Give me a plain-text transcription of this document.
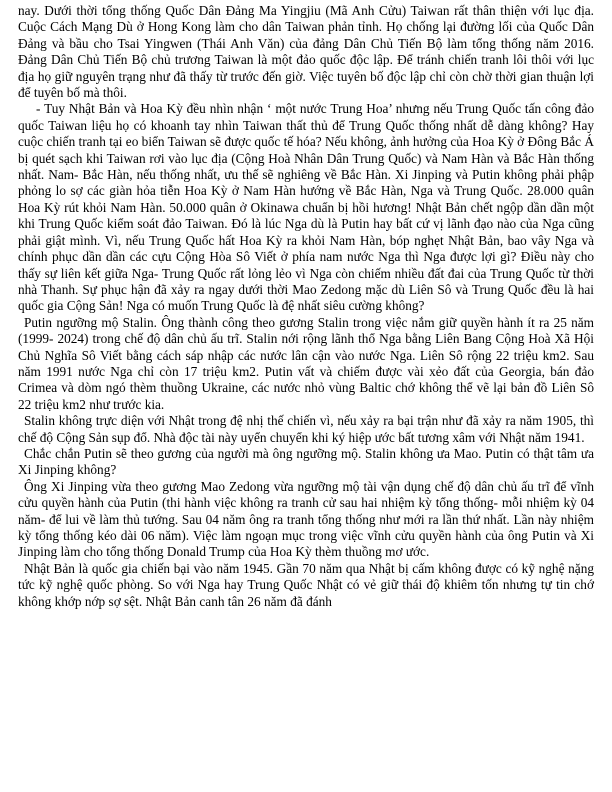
nay. Dưới thời tổng thống Quốc Dân Đảng Ma Yingjiu (Mã Anh Cửu) Taiwan rất thân thiện với lục địa. Cuộc Cách Mạng Dù ở Hong Kong làm cho dân Taiwan phản tỉnh. Họ chống lại đường lối của Quốc Dân Đảng và bầu cho Tsai Yingwen (Thái Anh Văn) của đảng Dân Chủ Tiến Bộ làm tổng thống năm 2016. Đảng Dân Chủ Tiến Bộ chủ trương Taiwan là một đảo quốc độc lập. Để tránh chiến tranh lôi thôi với lục địa họ giữ nguyên trạng như đã thấy từ trước đến giờ. Việc tuyên bố độc lập chỉ còn chờ thời gian thuận lợi để tuyên bố mà thôi.

- Tuy Nhật Bản và Hoa Kỳ đều nhìn nhận ‘ một nước Trung Hoa’ nhưng nếu Trung Quốc tấn công đảo quốc Taiwan liệu họ có khoanh tay nhìn Taiwan thất thủ để Trung Quốc thống nhất dễ dàng không? Hay cuộc chiến tranh tại eo biển Taiwan sẽ được quốc tế hóa? Nếu không, ảnh hưởng của Hoa Kỳ ở Đông Bắc Á bị quét sạch khi Taiwan rơi vào lục địa (Cộng Hoà Nhân Dân Trung Quốc) và Nam Hàn và Bắc Hàn thống nhất. Nam- Bắc Hàn, nếu thống nhất, ưu thế sẽ nghiêng về Bắc Hàn. Xi Jinping và Putin không phải phập phỏng lo sợ các giàn hỏa tiễn Hoa Kỳ ở Nam Hàn hướng về Bắc Hàn, Nga và Trung Quốc. 28.000 quân Hoa Kỳ rút khỏi Nam Hàn. 50.000 quân ở Okinawa chuẩn bị hồi hương! Nhật Bản chết ngộp dần dần một khi Trung Quốc kiểm soát đảo Taiwan. Đó là lúc Nga dù là Putin hay bất cứ vị lãnh đạo nào của Nga cũng phải giật mình. Vì, nếu Trung Quốc hất Hoa Kỳ ra khỏi Nam Hàn, bóp nghẹt Nhật Bản, bao vây Nga và chính phục dần dần các cựu Cộng Hòa Sô Viết ở phía nam nước Nga thì Nga được lợi gì? Điều này cho thấy sự liên kết giữa Nga- Trung Quốc rất lỏng lẻo vì Nga còn chiếm nhiều đất đai của Trung Quốc từ thời nhà Thanh. Sự phục hận đã xảy ra ngay dưới thời Mao Zedong mặc dù Liên Sô và Trung Quốc đều là hai quốc gia Cộng Sản! Nga có muốn Trung Quốc là đệ nhất siêu cường không?

Putin ngưỡng mộ Stalin. Ông thành công theo gương Stalin trong việc nắm giữ quyền hành ít ra 25 năm (1999- 2024) trong chế độ dân chủ ấu trĩ. Stalin nới rộng lãnh thổ Nga bằng Liên Bang Cộng Hoà Xã Hội Chủ Nghĩa Sô Viết bằng cách sáp nhập các nước lân cận vào nước Nga. Liên Sô rộng 22 triệu km2. Sau năm 1991 nước Nga chỉ còn 17 triệu km2. Putin vất và chiếm được vài xẻo đất của Georgia, bán đảo Crimea và dòm ngó thèm thuồng Ukraine, các nước nhỏ vùng Baltic chớ không thể vẽ lại bản đồ Liên Sô 22 triệu km2 như trước kia.

Stalin không trực diện với Nhật trong đệ nhị thế chiến vì, nếu xảy ra bại trận như đã xảy ra năm 1905, thì chế độ Cộng Sản sụp đổ. Nhà độc tài này uyển chuyển khi ký hiệp ước bất tương xâm với Nhật năm 1941.

Chắc chắn Putin sẽ theo gương của người mà ông ngưỡng mộ. Stalin không ưa Mao. Putin có thật tâm ưa Xi Jinping không?

Ông Xi Jinping vừa theo gương Mao Zedong vừa ngưỡng mộ tài vận dụng chế độ dân chủ ấu trĩ để vĩnh cửu quyền hành của Putin (thi hành việc không ra tranh cử sau hai nhiệm kỳ tổng thống- mỗi nhiệm kỳ 04 năm- để lui về làm thủ tướng. Sau 04 năm ông ra tranh tổng thống như mới ra lần thứ nhất. Lần này nhiệm kỳ tổng thống kéo dài 06 năm). Việc làm ngoạn mục trong việc vĩnh cửu quyền hành của ông Putin và Xi Jinping làm cho tổng thống Donald Trump của Hoa Kỳ thèm thuồng mơ ước.

Nhật Bản là quốc gia chiến bại vào năm 1945. Gần 70 năm qua Nhật bị cấm không được có kỹ nghệ nặng tức kỹ nghệ quốc phòng. So với Nga hay Trung Quốc Nhật có vẻ giữ thái độ khiêm tốn nhưng tự tin chớ không khớp nớp sợ sệt. Nhật Bản canh tân 26 năm đã đánh
